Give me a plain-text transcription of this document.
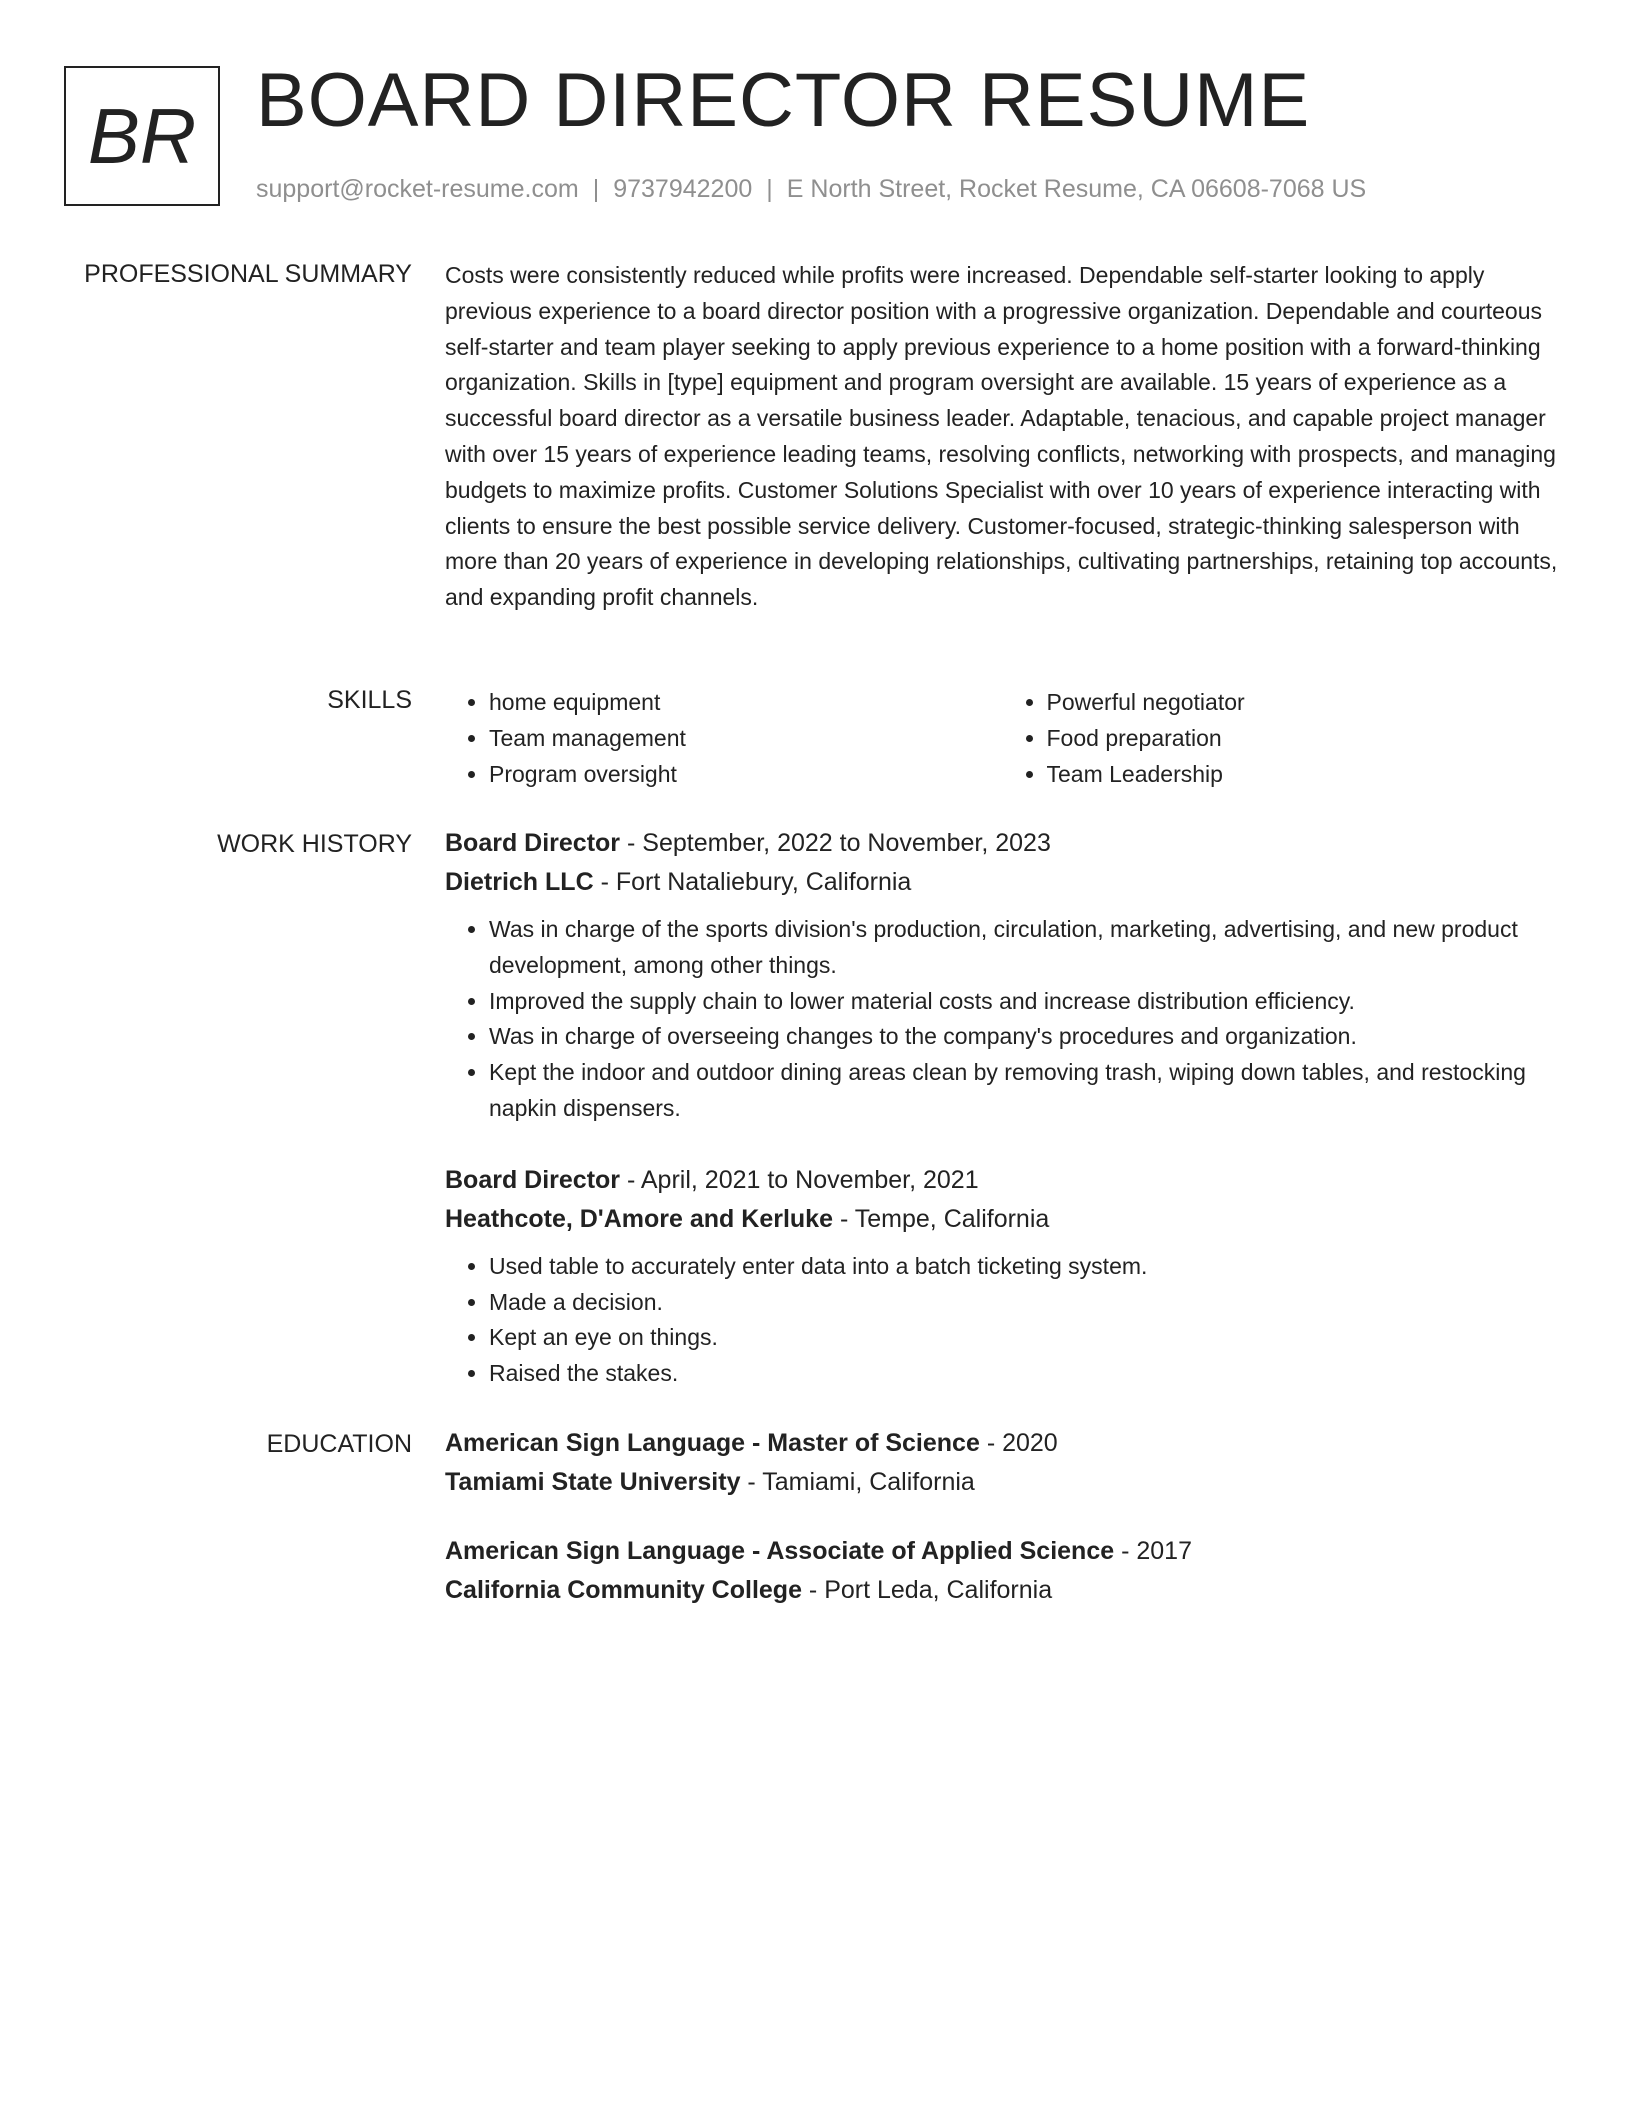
BR BOARD DIRECTOR RESUME
support@rocket-resume.com | 9737942200 | E North Street, Rocket Resume, CA 06608-7068 US
PROFESSIONAL SUMMARY Costs were consistently reduced while profits were increased. Dependable self-starter looking to apply previous experience to a board director position with a progressive organization. Dependable and courteous self-starter and team player seeking to apply previous experience to a home position with a forward-thinking organization. Skills in [type] equipment and program oversight are available. 15 years of experience as a successful board director as a versatile business leader. Adaptable, tenacious, and capable project manager with over 15 years of experience leading teams, resolving conflicts, networking with prospects, and managing budgets to maximize profits. Customer Solutions Specialist with over 10 years of experience interacting with clients to ensure the best possible service delivery. Customer-focused, strategic-thinking salesperson with more than 20 years of experience in developing relationships, cultivating partnerships, retaining top accounts, and expanding profit channels.

SKILLS
•	home equipment
• Team management
• Program oversight
• Powerful negotiator
• Food preparation
• Team Leadership
WORK HISTORY Board Director - September, 2022 to November, 2023
Dietrich LLC - Fort Nataliebury, California
• Was in charge of the sports division's production, circulation, marketing, advertising, and new product development, among other things.
• Improved the supply chain to lower material costs and increase distribution efficiency.
• Was in charge of overseeing changes to the company's procedures and organization.
• Kept the indoor and outdoor dining areas clean by removing trash, wiping down tables, and restocking napkin dispensers.
Board Director - April, 2021 to November, 2021
Heathcote, D'Amore and Kerluke - Tempe, California
• Used table to accurately enter data into a batch ticketing system.
• Made a decision.
• Kept an eye on things.
• Raised the stakes.
EDUCATION American Sign Language - Master of Science - 2020
Tamiami State University - Tamiami, California
American Sign Language - Associate of Applied Science - 2017
California Community College - Port Leda, California
